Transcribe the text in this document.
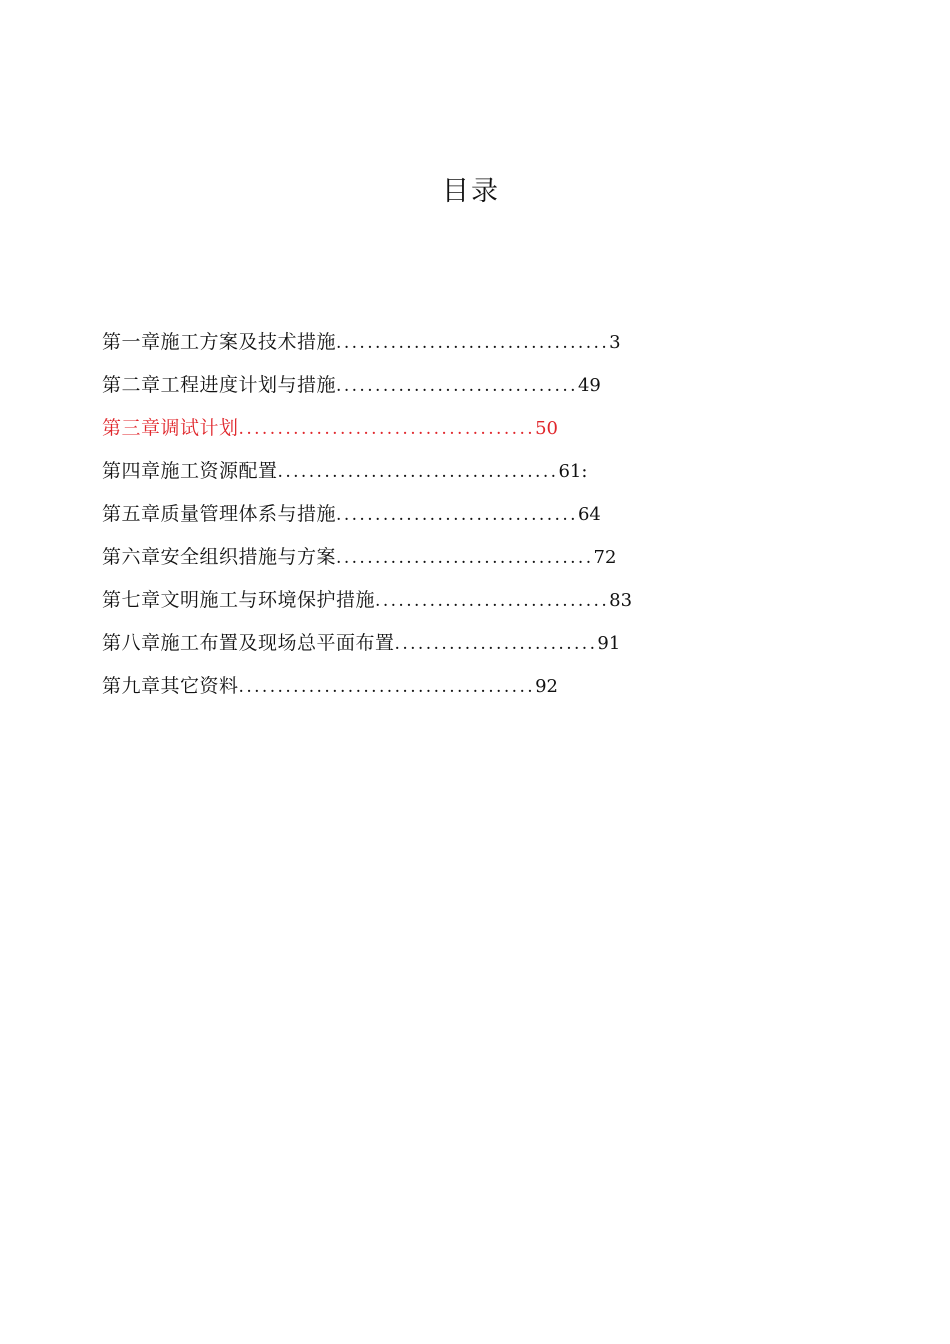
目录
第一章施工方案及技术措施 ................................... 3
第二章工程进度计划与措施 ............................... 49
第三章调试计划 ...................................... 50
第四章施工资源配置 .................................... 61:
第五章质量管理体系与措施 ............................... 64
第六章安全组织措施与方案 ................................. 72
第七章文明施工与环境保护措施 .............................. 83
第八章施工布置及现场总平面布置 .......................... 91
第九章其它资料 ...................................... 92
